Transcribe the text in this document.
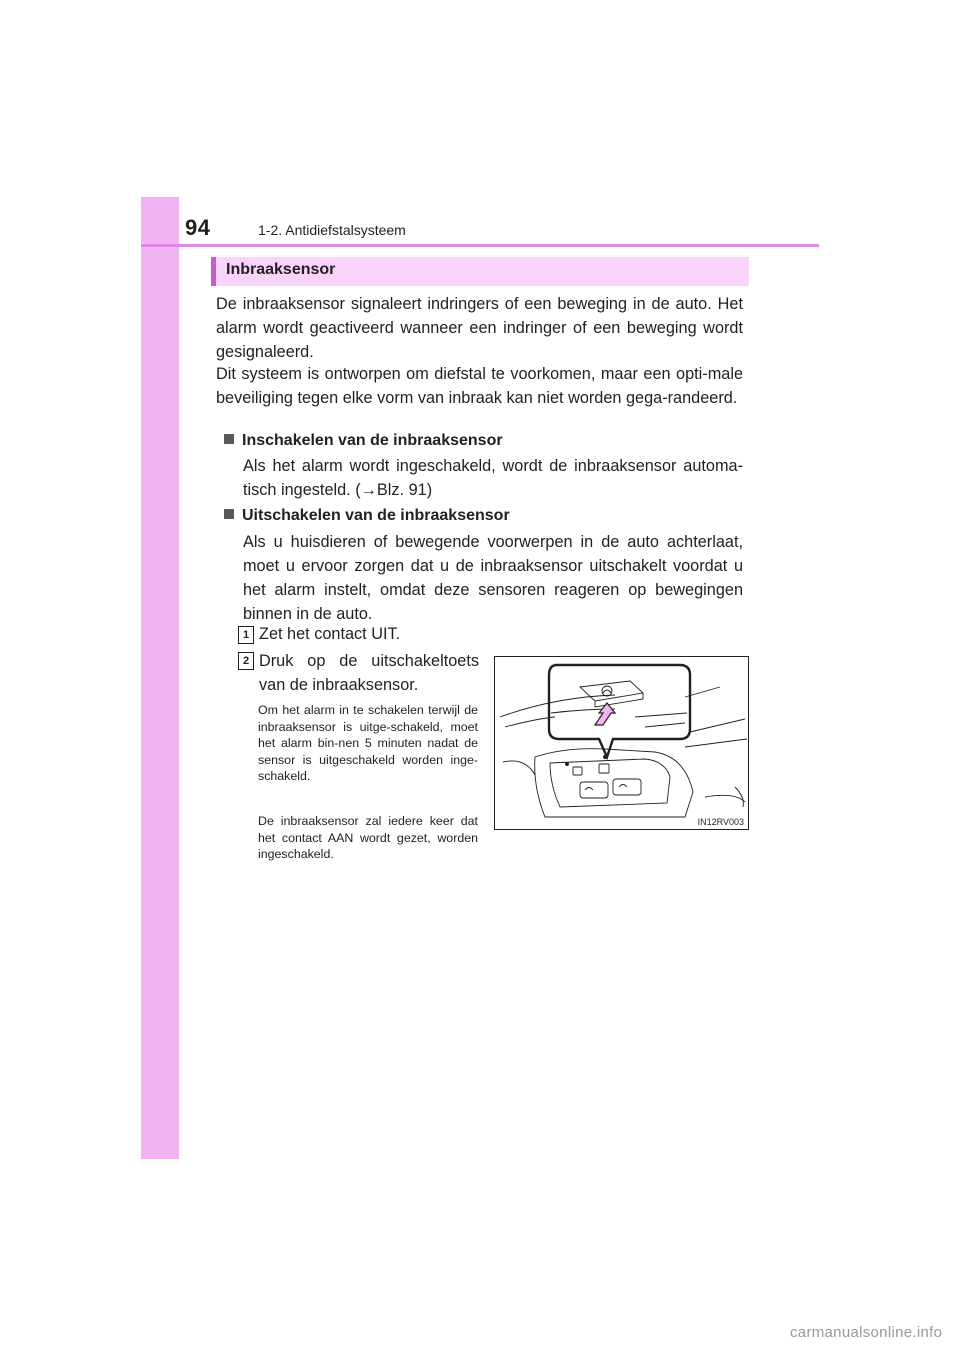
94	1-2. Antidiefstalsysteem
Inbraaksensor

De inbraaksensor signaleert indringers of een beweging in de auto. Het alarm wordt geactiveerd wanneer een indringer of een beweging wordt gesignaleerd.

Dit systeem is ontworpen om diefstal te voorkomen, maar een opti-male beveiliging tegen elke vorm van inbraak kan niet worden gega-randeerd.

Inschakelen van de inbraaksensor

Als het alarm wordt ingeschakeld, wordt de inbraaksensor automa-tisch ingesteld. (→Blz. 91)

Uitschakelen van de inbraaksensor

Als u huisdieren of bewegende voorwerpen in de auto achterlaat, moet u ervoor zorgen dat u de inbraaksensor uitschakelt voordat u het alarm instelt, omdat deze sensoren reageren op bewegingen binnen in de auto.

1 Zet het contact UIT.
2 Druk op de uitschakeltoets van de inbraaksensor.

Om het alarm in te schakelen terwijl de inbraaksensor is uitge-schakeld, moet het alarm bin-nen 5 minuten nadat de sensor is uitgeschakeld worden inge-schakeld.

De inbraaksensor zal iedere keer dat het contact AAN wordt gezet, worden ingeschakeld.

IN12RV003
carmanualsonline.info
